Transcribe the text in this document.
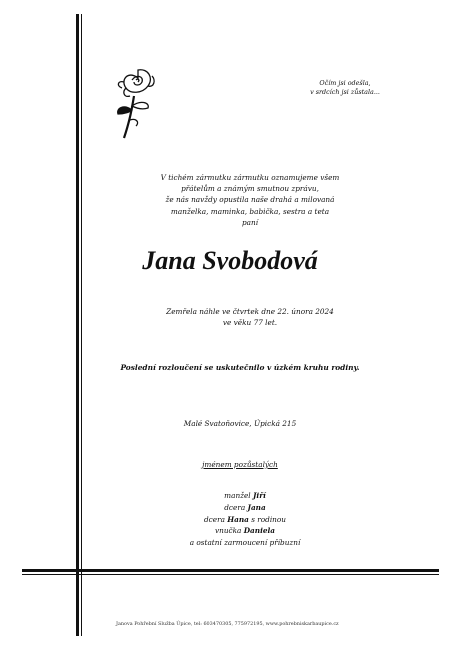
Očím jsi odešla,
v srdcích jsi zůstala...
V tichém zármutku zármutku oznamujeme všem
přátelům a známým smutnou zprávu,
že nás navždy opustila naše drahá a milovaná
manželka, maminka, babička, sestra a teta
paní
Jana Svobodová
Zemřela náhle ve čtvrtek dne 22. února 2024
ve věku 77 let.
Poslední rozloučení se uskutečnilo v úzkém kruhu rodiny.
Malé Svatoňovice, Úpická 215
jménem pozůstalých
manžel Jiří
dcera Jana
dcera Hana s rodinou
vnučka Daniela
a ostatní zarmoucení příbuzní
Janova Pohřební Služba Úpice, tel: 603470305, 775972195, www.pohrebniskarbaupice.cz
